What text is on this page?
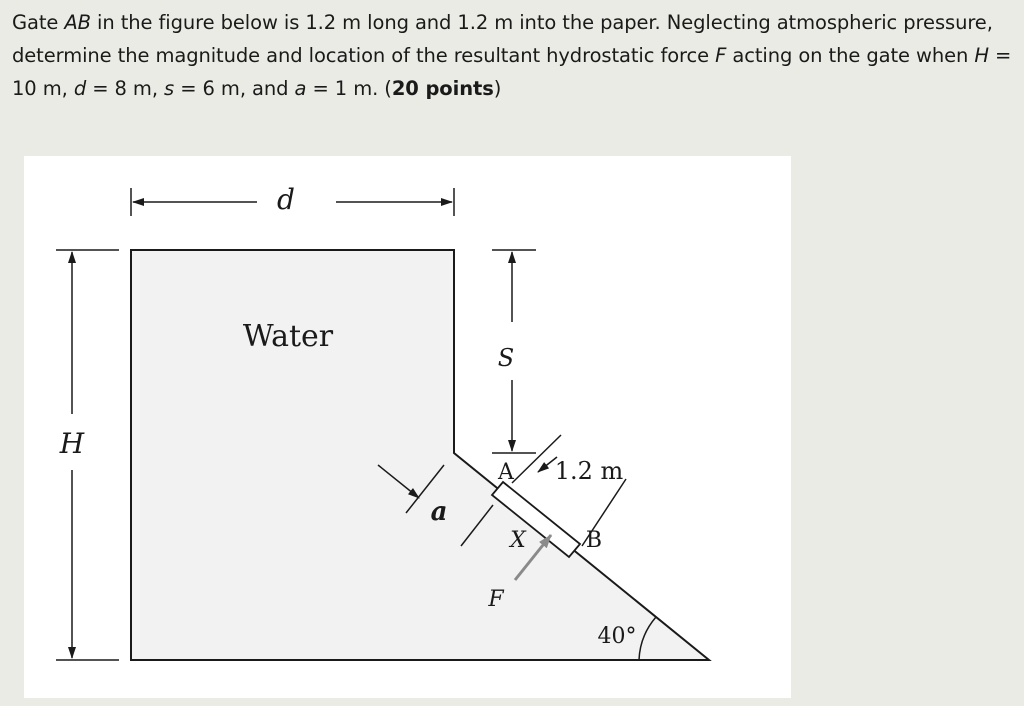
Gate AB in the figure below is 1.2 m long and 1.2 m into the paper. Neglecting atmospheric pressure, determine the magnitude and location of the resultant hydrostatic force F acting on the gate when H = 10 m, d = 8 m, s = 6 m, and a = 1 m. (20 points)

d
Water
H
S
a
A
B
1.2 m
X
F
40°
